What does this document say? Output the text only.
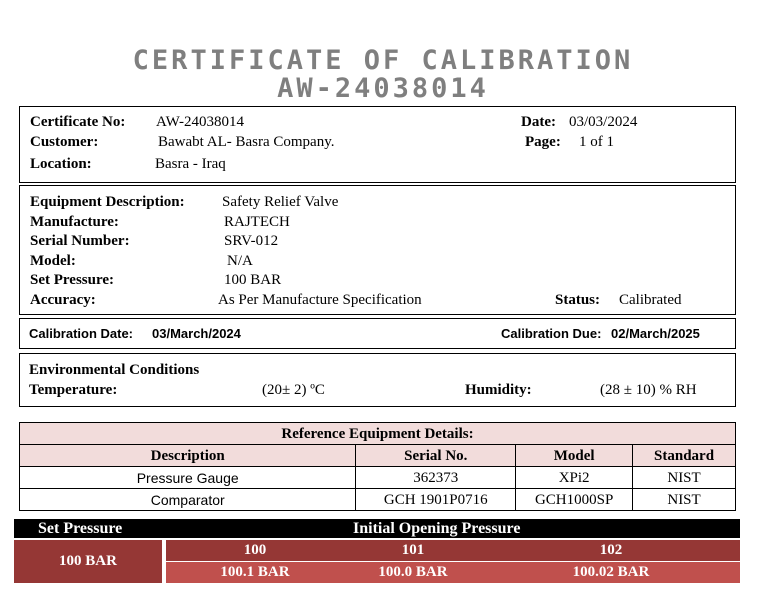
CERTIFICATE OF CALIBRATION
AW-24038014
Certificate No: AW-24038014	Date: 03/03/2024
Customer:	Bawabt AL- Basra Company.	Page: 1 of 1
Location:	Basra - Iraq
Equipment Description: Safety Relief Valve
Manufacture:	RAJTECH
Serial Number:	SRV-012
Model:	N/A
Set Pressure:	100 BAR
Accuracy:	As Per Manufacture Specification	Status: Calibrated
Calibration Date: 03/March/2024	Calibration Due: 02/March/2025
Environmental Conditions
Temperature:	(20± 2) ºC	Humidity:	(28 ± 10) % RH
Reference Equipment Details:			
Description	Serial No.	Model	Standard
Pressure Gauge	362373	XPi2	NIST
Comparator	GCH 1901P0716	GCH1000SP	NIST
Set Pressure	Initial Opening Pressure
100 BAR
100	101	102
100.1 BAR	100.0 BAR	100.02 BAR
